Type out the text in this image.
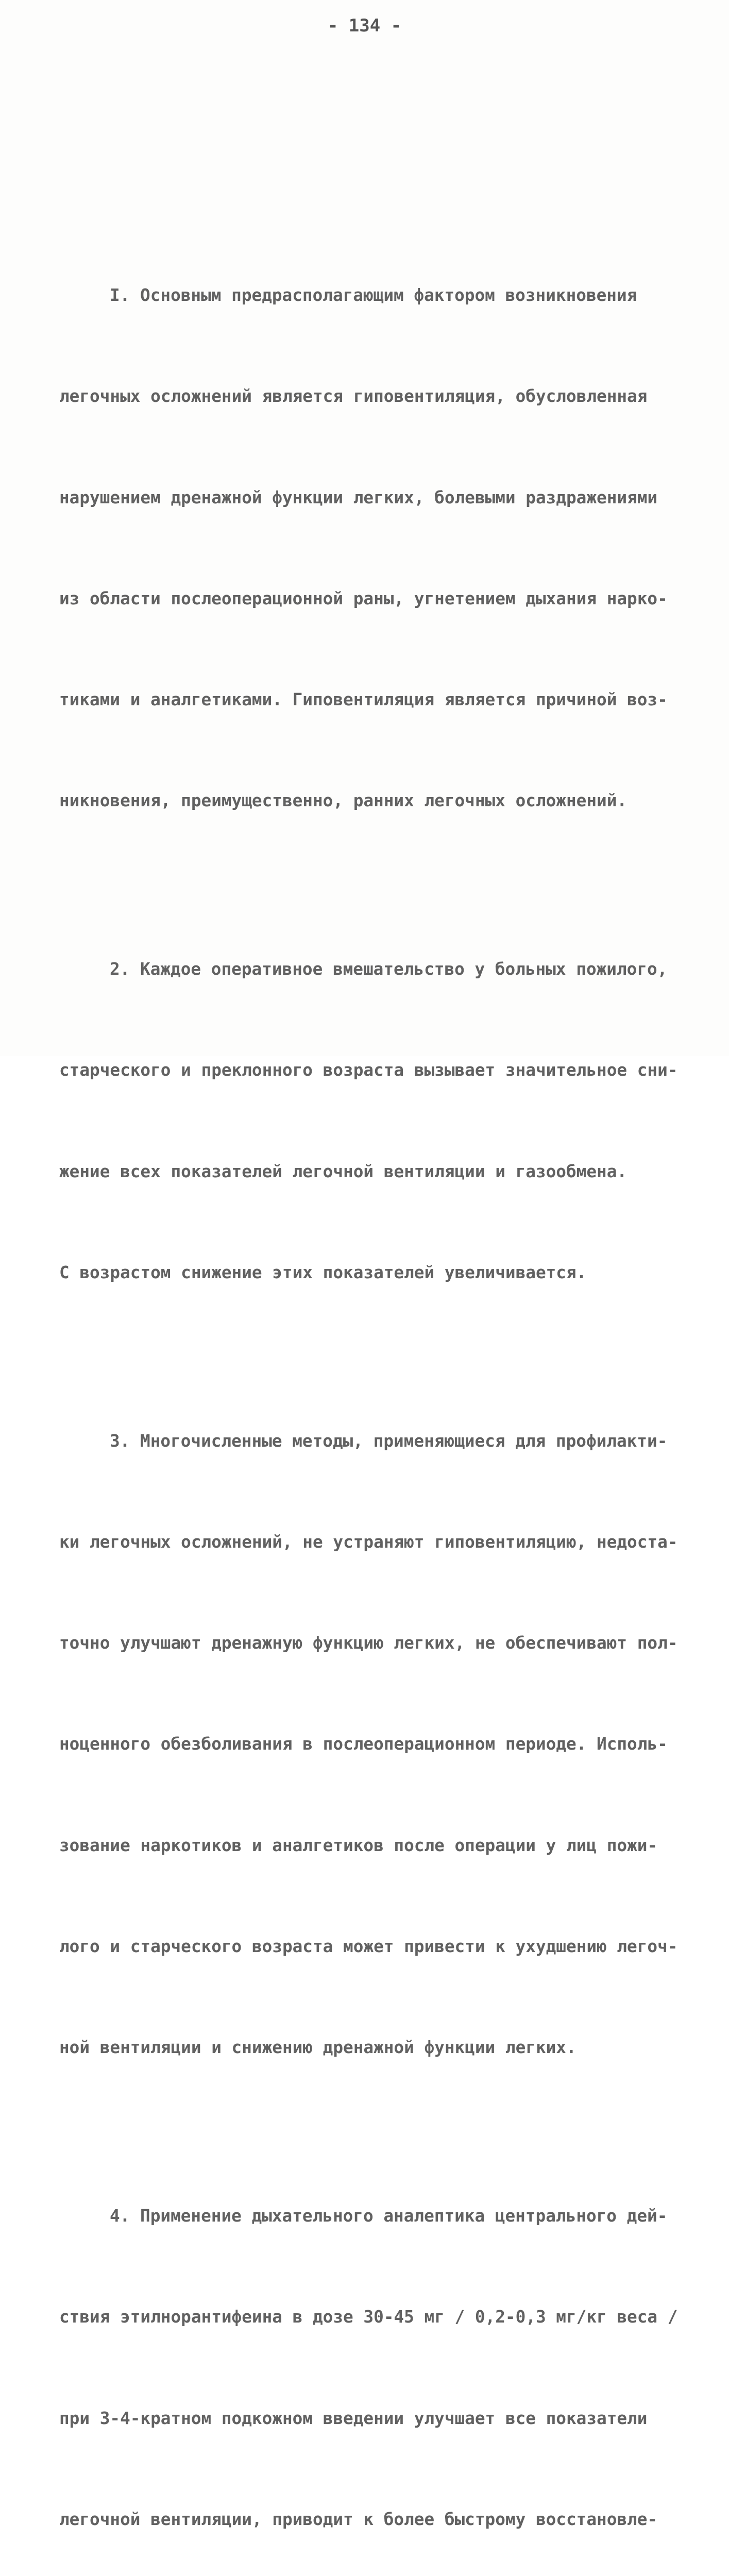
- 134 -

I. Основным предрасполагающим фактором возникновения

легочных осложнений является гиповентиляция, обусловленная

нарушением дренажной функции легких, болевыми раздражениями

из области послеоперационной раны, угнетением дыхания нарко-

тиками и аналгетиками. Гиповентиляция является причиной воз-

никновения, преимущественно, ранних легочных осложнений.

2. Каждое оперативное вмешательство у больных пожилого,

старческого и преклонного возраста вызывает значительное сни-

жение всех показателей легочной вентиляции и газообмена.

С возрастом снижение этих показателей увеличивается.

3. Многочисленные методы, применяющиеся для профилакти-

ки легочных осложнений, не устраняют гиповентиляцию, недоста-

точно улучшают дренажную функцию легких, не обеспечивают пол-

ноценного обезболивания в послеоперационном периоде. Исполь-

зование наркотиков и аналгетиков после операции у лиц пожи-

лого и старческого возраста может привести к ухудшению легоч-

ной вентиляции и снижению дренажной функции легких.

4. Применение дыхательного аналептика центрального дей-

ствия этилнорантифеина в дозе 30-45 мг / 0,2-0,3 мг/кг веса /

при 3-4-кратном подкожном введении улучшает все показатели

легочной вентиляции, приводит к более быстрому восстановле-
